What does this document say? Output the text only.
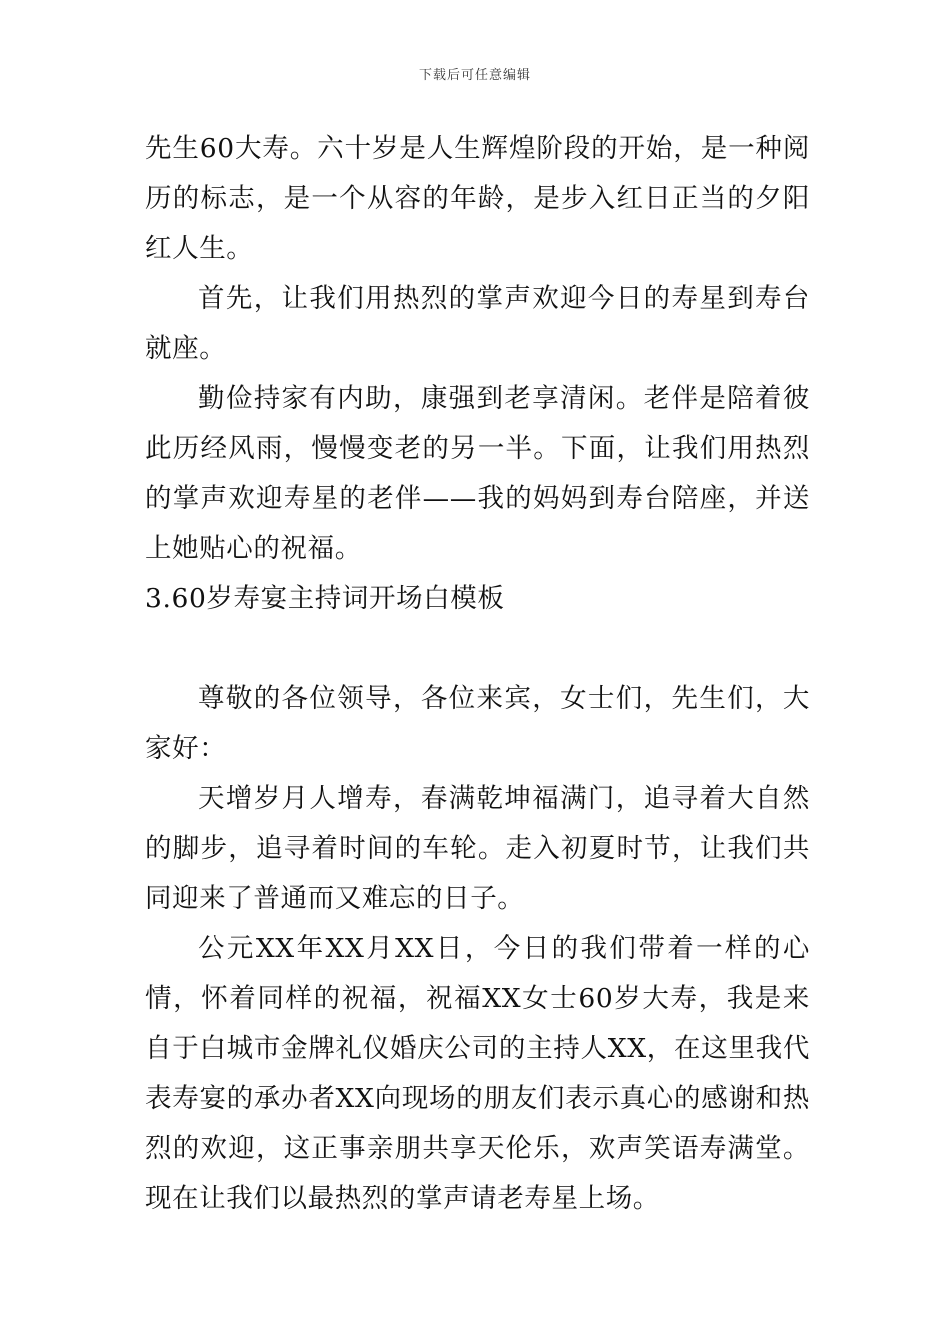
下载后可任意编辑

先生60大寿。六十岁是人生辉煌阶段的开始，是一种阅历的标志，是一个从容的年龄，是步入红日正当的夕阳红人生。

首先，让我们用热烈的掌声欢迎今日的寿星到寿台就座。

勤俭持家有内助，康强到老享清闲。老伴是陪着彼此历经风雨，慢慢变老的另一半。下面，让我们用热烈的掌声欢迎寿星的老伴——我的妈妈到寿台陪座，并送上她贴心的祝福。

3.60岁寿宴主持词开场白模板

尊敬的各位领导，各位来宾，女士们，先生们，大家好：

天增岁月人增寿，春满乾坤福满门，追寻着大自然的脚步，追寻着时间的车轮。走入初夏时节，让我们共同迎来了普通而又难忘的日子。

公元XX年XX月XX日，今日的我们带着一样的心情，怀着同样的祝福，祝福XX女士60岁大寿，我是来自于白城市金牌礼仪婚庆公司的主持人XX，在这里我代表寿宴的承办者XX向现场的朋友们表示真心的感谢和热烈的欢迎，这正事亲朋共享天伦乐，欢声笑语寿满堂。现在让我们以最热烈的掌声请老寿星上场。
